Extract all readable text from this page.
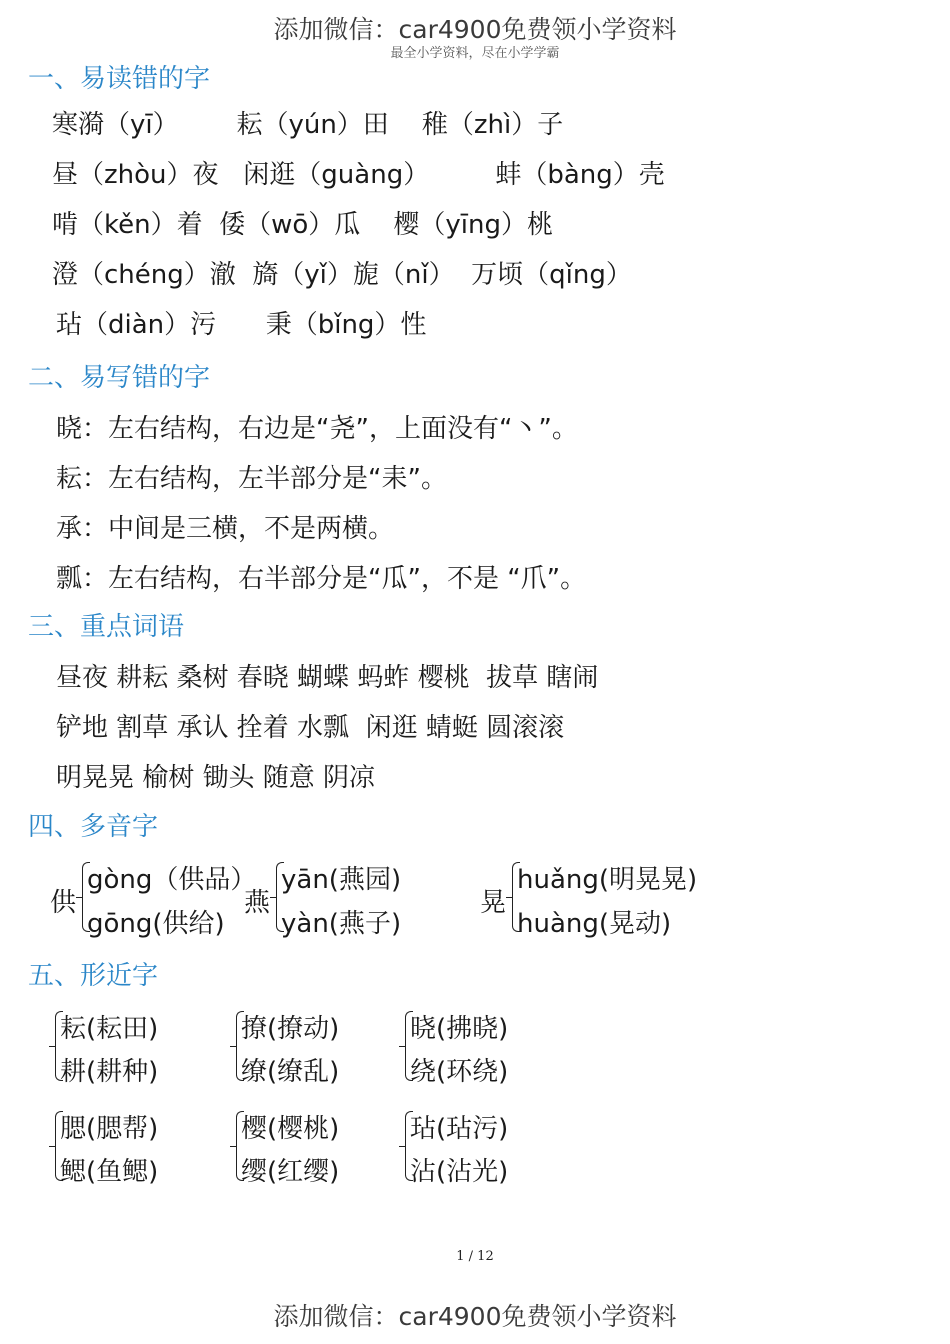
添加微信：car4900免费领小学资料
最全小学资料，尽在小学学霸
一、易读错的字
寒漪（yī）       耘（yún）田    稚（zhì）子
昼（zhòu）夜   闲逛（guàng）        蚌（bàng）壳
啃（kěn）着  倭（wō）瓜    樱（yīng）桃
澄（chéng）澈  旖（yǐ）旎（nǐ）  万顷（qǐng）
玷（diàn）污      秉（bǐng）性
二、易写错的字
晓：左右结构，右边是“尧”，上面没有“丶”。
耘：左右结构，左半部分是“耒”。
承：中间是三横，不是两横。
瓢：左右结构，右半部分是“瓜”，不是 “爪”。
三、重点词语
昼夜 耕耘 桑树 春晓 蝴蝶 蚂蚱 樱桃  拔草 瞎闹
铲地 割草 承认 拴着 水瓢  闲逛 蜻蜓 圆滚滚
明晃晃 榆树 锄头 随意 阴凉
四、多音字
供
gòng（供品）
gōng(供给)
燕
yān(燕园)
yàn(燕子)
晃
huǎng(明晃晃)
huàng(晃动)
五、形近字
耘(耘田)
耕(耕种)
撩(撩动)
缭(缭乱)
晓(拂晓)
绕(环绕)
腮(腮帮)
鳃(鱼鳃)
樱(樱桃)
缨(红缨)
玷(玷污)
沾(沾光)
1 / 12
添加微信：car4900免费领小学资料
